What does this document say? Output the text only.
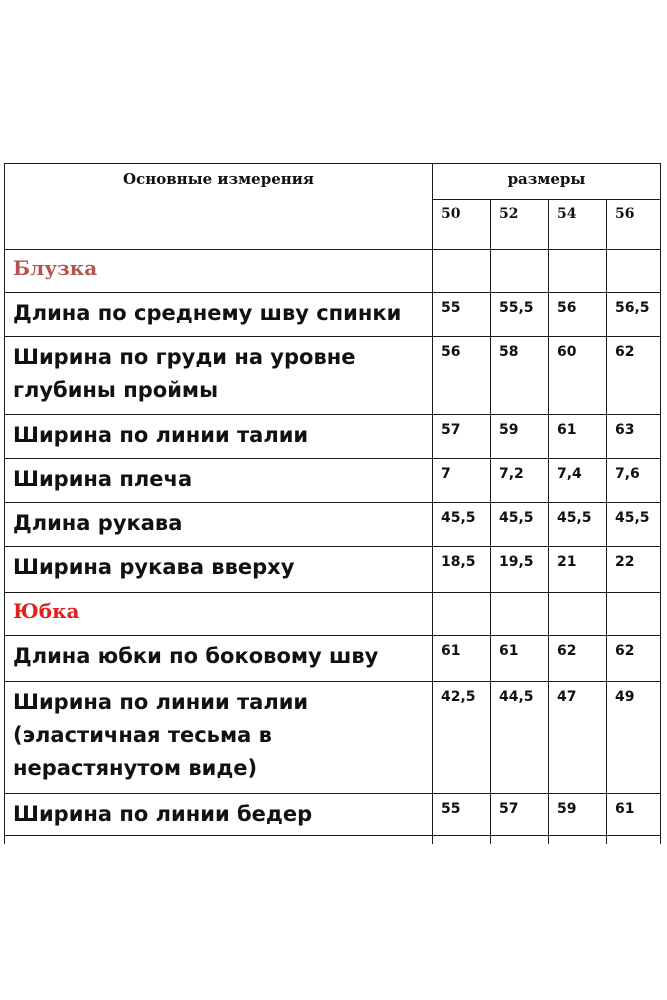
Основные измерения	размеры			
	50	52	54	56
Блузка				
Длина по среднему шву спинки	55	55,5	56	56,5
Ширина по груди на уровне глубины проймы	56	58	60	62
Ширина по линии талии	57	59	61	63
Ширина плеча	7	7,2	7,4	7,6
Длина рукава	45,5	45,5	45,5	45,5
Ширина рукава вверху	18,5	19,5	21	22
Юбка				
Длина юбки по боковому шву	61	61	62	62
Ширина по линии талии (эластичная тесьма в нерастянутом виде)	42,5	44,5	47	49
Ширина по линии бедер	55	57	59	61
